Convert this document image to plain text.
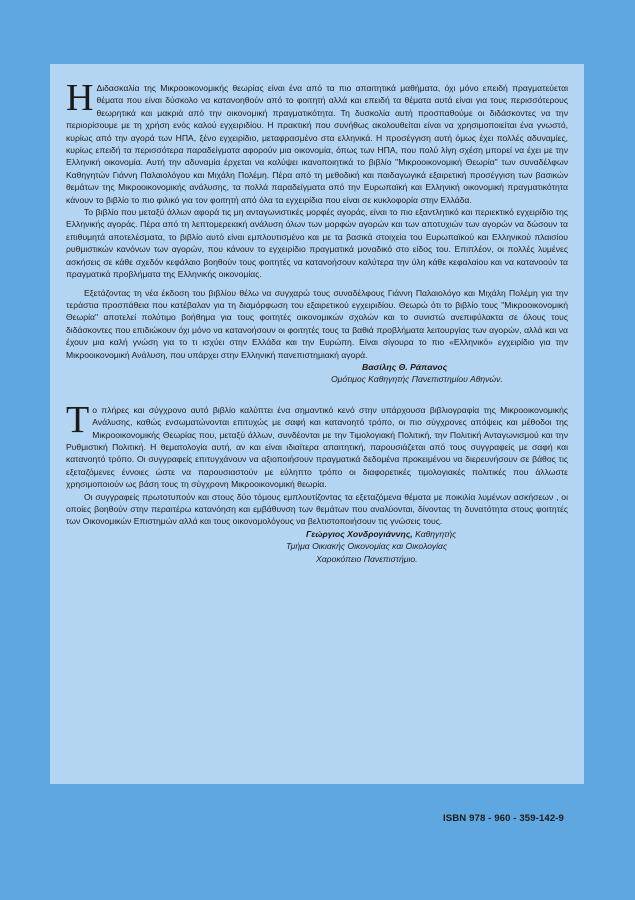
Η Διδασκαλία της Μικροοικονομικής θεωρίας είναι ένα από τα πιο απαιτητικά μαθήματα, όχι μόνο επειδή πραγματεύεται θέματα που είναι δύσκολο να κατανοηθούν από το φοιτητή αλλά και επειδή τα θέματα αυτά είναι για τους περισσότερους θεωρητικά και μακριά από την οικονομική πραγματικότητα. Τη δυσκολία αυτή προσπαθούμε οι διδάσκοντες να την περιορίσουμε με τη χρήση ενός καλού εγχειριδίου. Η πρακτική που συνήθως ακολουθείται είναι να χρησιμοποιείται ένα γνωστό, κυρίως από την αγορά των ΗΠΑ, ξένο εγχειρίδιο, μεταφρασμένο στα ελληνικά. Η προσέγγιση αυτή όμως έχει πολλές αδυναμίες, κυρίως επειδή τα περισσότερα παραδείγματα αφορούν μια οικονομία, όπως των ΗΠΑ, που πολύ λίγη σχέση μπορεί να έχει με την Ελληνική οικονομία. Αυτή την αδυναμία έρχεται να καλύψει ικανοποιητικά το βιβλίο "Μικροοικονομική Θεωρία" των συναδέλφων Καθηγητών Γιάννη Παλαιολόγου και Μιχάλη Πολέμη. Πέρα από τη μεθοδική και παιδαγωγικά εξαιρετική προσέγγιση των βασικών θεμάτων της Μικροοικονομικής ανάλυσης, τα πολλά παραδείγματα από την Ευρωπαϊκή και Ελληνική οικονομική πραγματικότητα κάνουν το βιβλίο το πιο φιλικό για τον φοιτητή από όλα τα εγχειρίδια που είναι σε κυκλοφορία στην Ελλάδα.

Το βιβλίο που μεταξύ άλλων αφορά τις μη ανταγωνιστικές μορφές αγοράς, είναι το πιο εξαντλητικό και περιεκτικό εγχειρίδιο της Ελληνικής αγοράς. Πέρα από τη λεπτομερειακή ανάλυση όλων των μορφών αγορών και των αποτυχιών των αγορών να δώσουν τα επιθυμητά αποτελέσματα, το βιβλίο αυτό είναι εμπλουτισμένο και με τα βασικά στοιχεία του Ευρωπαϊκού και Ελληνικού πλαισίου ρυθμιστικών κανόνων των αγορών, που κάνουν το εγχειρίδιο πραγματικά μοναδικό στο είδος του. Επιπλέον, οι πολλές λυμένες ασκήσεις σε κάθε σχεδόν κεφάλαιο βοηθούν τους φοιτητές να κατανοήσουν καλύτερα την ύλη κάθε κεφαλαίου και να κατανοούν τα πραγματικά προβλήματα της Ελληνικής οικονομίας.

Εξετάζοντας τη νέα έκδοση του βιβλίου θέλω να συγχαρώ τους συναδέλφους Γιάννη Παλαιολόγο και Μιχάλη Πολέμη για την τεράστια προσπάθεια που κατέβαλαν για τη διαμόρφωση του εξαιρετικού εγχειριδίου. Θεωρώ ότι το βιβλίο τους "Μικροοικονομική Θεωρία" αποτελεί πολύτιμο βοήθημα για τους φοιτητές οικονομικών σχολών και το συνιστώ ανεπιφύλακτα σε όλους τους διδάσκοντες που επιδιώκουν όχι μόνο να κατανοήσουν οι φοιτητές τους τα βαθιά προβλήματα λειτουργίας των αγορών, αλλά και να έχουν μια καλή γνώση για το τι ισχύει στην Ελλάδα και την Ευρώπη. Είναι σίγουρα το πιο «Ελληνικό» εγχειρίδιο για την Μικροοικονομική Ανάλυση, που υπάρχει στην Ελληνική πανεπιστημιακή αγορά.

Βασίλης Θ. Ράπανος

Ομότιμος Καθηγητής Πανεπιστημίου Αθηνών.

Το πλήρες και σύγχρονο αυτό βιβλίο καλύπτει ένα σημαντικό κενό στην υπάρχουσα βιβλιογραφία της Μικροοικονομικής Ανάλυσης, καθώς ενσωματώνονται επιτυχώς με σαφή και κατανοητό τρόπο, οι πιο σύγχρονες απόψεις και μέθοδοι της Μικροοικονομικής Θεωρίας που, μεταξύ άλλων, συνδέονται με την Τιμολογιακή Πολιτική, την Πολιτική Ανταγωνισμού και την Ρυθμιστική Πολιτική. Η θεματολογία αυτή, αν και είναι ιδιαίτερα απαιτητική, παρουσιάζεται από τους συγγραφείς με σαφή και κατανοητό τρόπο. Οι συγγραφείς επιτυγχάνουν να αξιοποιήσουν πραγματικά δεδομένα προκειμένου να διερευνήσουν σε βάθος τις εξεταζόμενες έννοιες ώστε να παρουσιαστούν με εύληπτο τρόπο οι διαφορετικές τιμολογιακές πολιτικές που άλλωστε χρησιμοποιούν ως βάση τους τη σύγχρονη Μικροοικονομική θεωρία.

Οι συγγραφείς πρωτοτυπούν και στους δύο τόμους εμπλουτίζοντας τα εξεταζόμενα θέματα με ποικιλία λυμένων ασκήσεων , οι οποίες βοηθούν στην περαιτέρω κατανόηση και εμβάθυνση των θεμάτων που αναλύονται, δίνοντας τη δυνατότητα στους φοιτητές των Οικονομικών Επιστημών αλλά και τους οικονομολόγους να βελτιστοποιήσουν τις γνώσεις τους.

Γεώργιος Χονδρογιάννης, Καθηγητής

Τμήμα Οικιακής Οικονομίας και Οικολογίας

Χαροκόπειο Πανεπιστήμιο.

ISBN 978 - 960 - 359-142-9
